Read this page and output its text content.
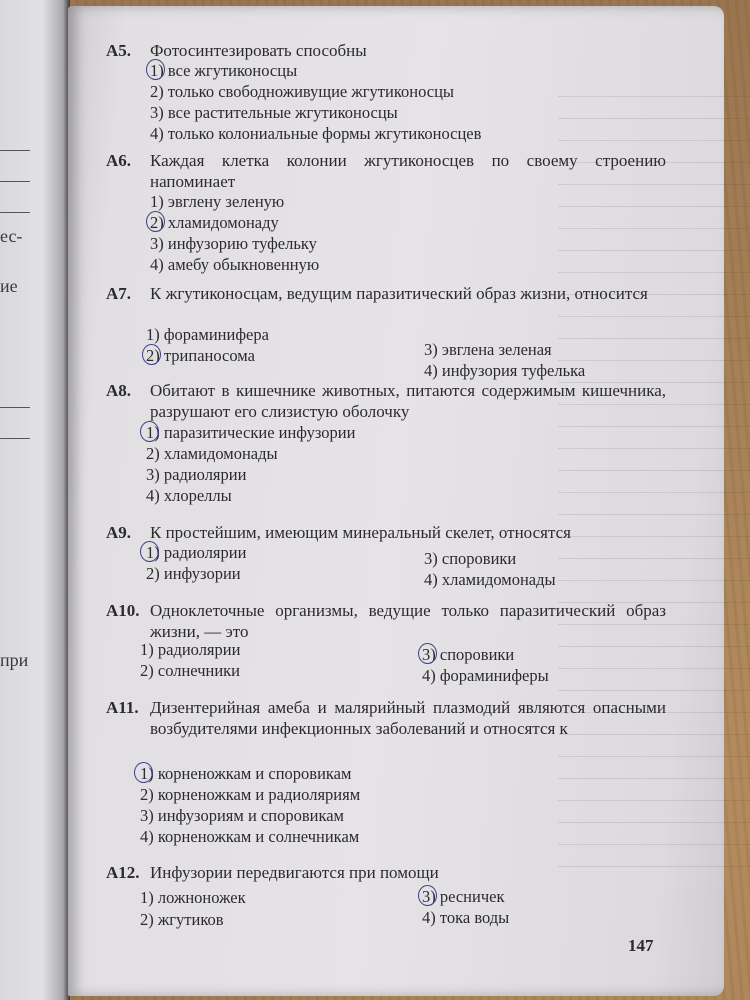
ес-
ие
при
А5. Фотосинтезировать способны
1) все жгутиконосцы
2) только свободноживущие жгутиконосцы
3) все растительные жгутиконосцы
4) только колониальные формы жгутиконосцев
А6. Каждая клетка колонии жгутиконосцев по своему строению напоминает
1) эвглену зеленую
2) хламидомонаду
3) инфузорию туфельку
4) амебу обыкновенную
А7. К жгутиконосцам, ведущим паразитический образ жизни, относится
1) фораминифера
2) трипаносома	3) эвглена зеленая
4) инфузория туфелька
А8. Обитают в кишечнике животных, питаются содержимым кишечника, разрушают его слизистую оболочку
1) паразитические инфузории
2) хламидомонады
3) радиолярии
4) хлореллы
А9. К простейшим, имеющим минеральный скелет, относятся
1) радиолярии
2) инфузории
3) споровики
4) хламидомонады
А10. Одноклеточные организмы, ведущие только паразитический образ жизни, — это
1) радиолярии
2) солнечники
3) споровики
4) фораминиферы
А11. Дизентерийная амеба и малярийный плазмодий являются опасными возбудителями инфекционных заболеваний и относятся к
1) корненожкам и споровикам
2) корненожкам и радиоляриям
3) инфузориям и споровикам
4) корненожкам и солнечникам
А12. Инфузории передвигаются при помощи
1) ложноножек
2) жгутиков
3) ресничек
4) тока воды
147
